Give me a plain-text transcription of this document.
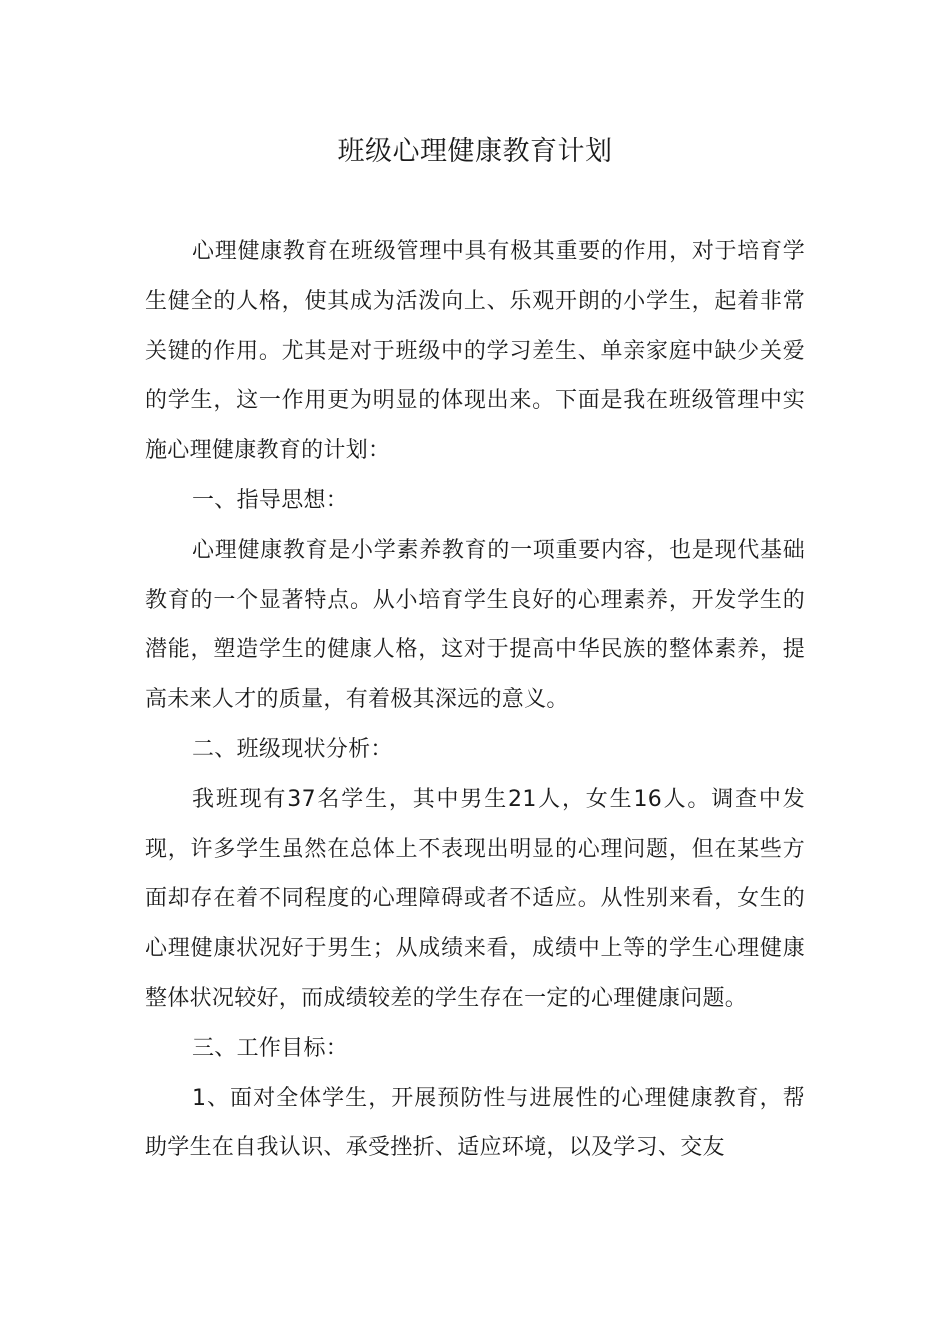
班级心理健康教育计划

心理健康教育在班级管理中具有极其重要的作用，对于培育学生健全的人格，使其成为活泼向上、乐观开朗的小学生，起着非常关键的作用。尤其是对于班级中的学习差生、单亲家庭中缺少关爱的学生，这一作用更为明显的体现出来。下面是我在班级管理中实施心理健康教育的计划：

一、指导思想：

心理健康教育是小学素养教育的一项重要内容，也是现代基础教育的一个显著特点。从小培育学生良好的心理素养，开发学生的潜能，塑造学生的健康人格，这对于提高中华民族的整体素养，提高未来人才的质量，有着极其深远的意义。

二、班级现状分析：

我班现有37名学生，其中男生21人，女生16人。调查中发现，许多学生虽然在总体上不表现出明显的心理问题，但在某些方面却存在着不同程度的心理障碍或者不适应。从性别来看，女生的心理健康状况好于男生；从成绩来看，成绩中上等的学生心理健康整体状况较好，而成绩较差的学生存在一定的心理健康问题。

三、工作目标：

1、面对全体学生，开展预防性与进展性的心理健康教育，帮助学生在自我认识、承受挫折、适应环境，以及学习、交友
